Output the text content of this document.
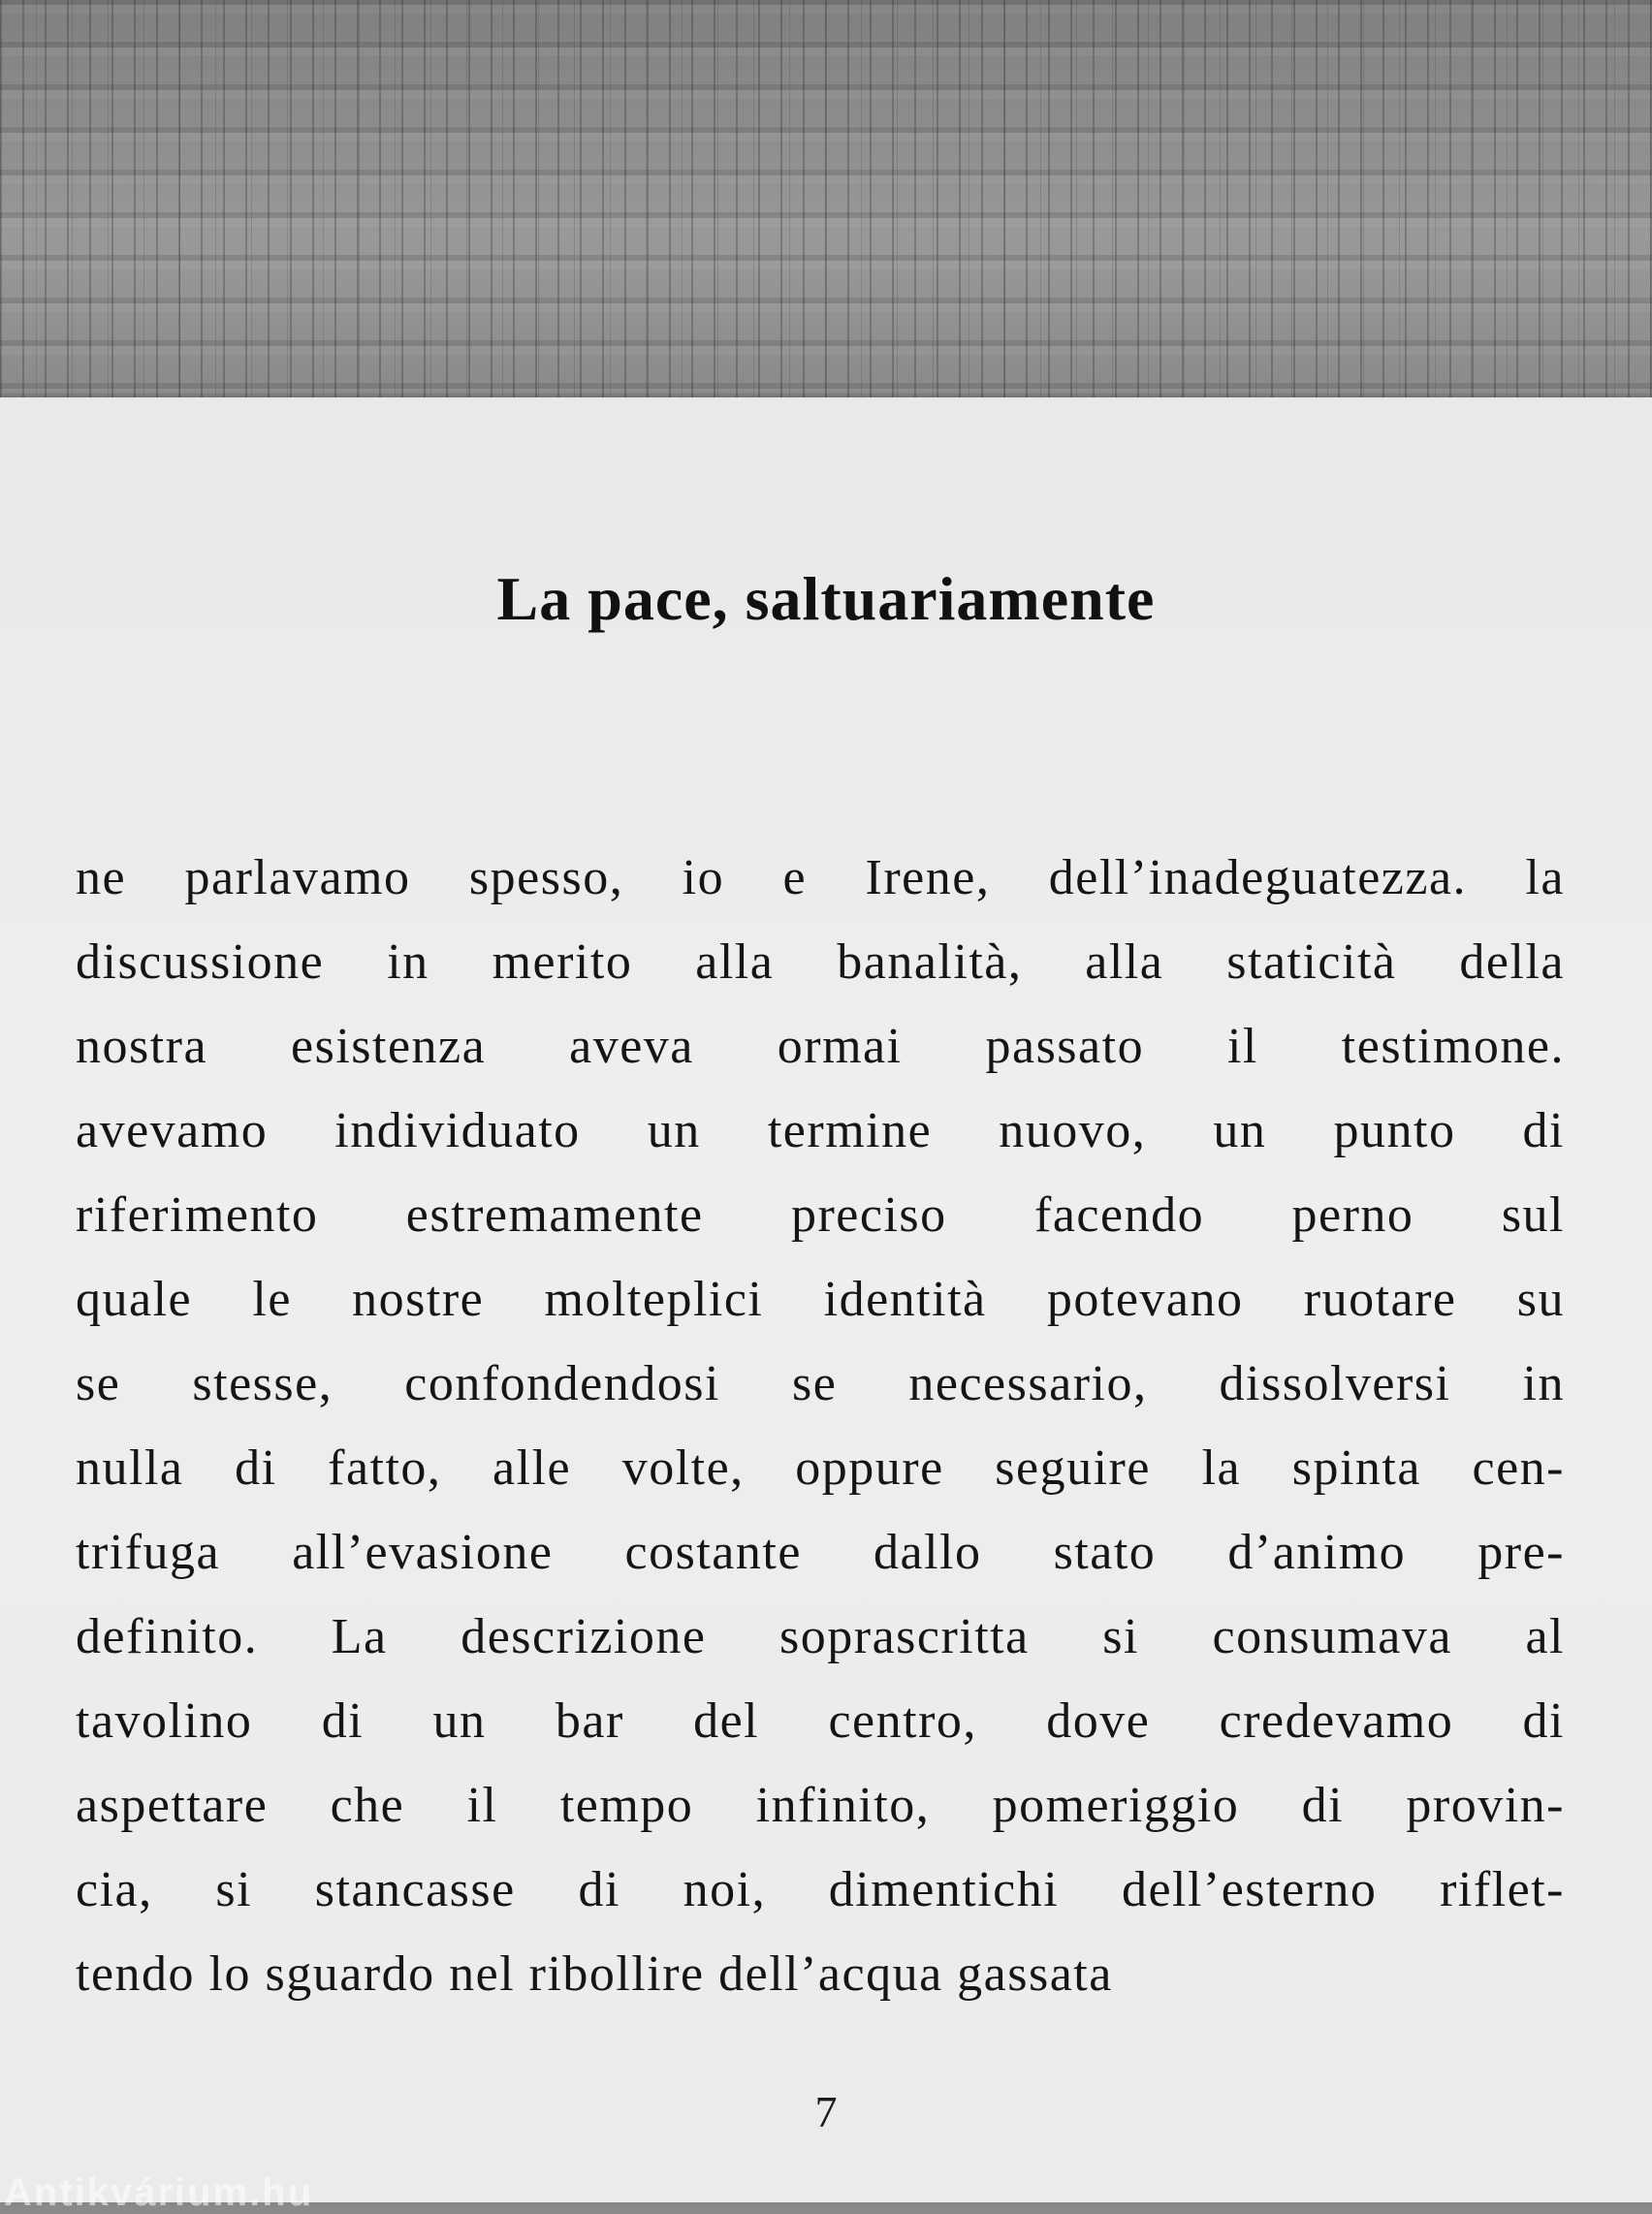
La pace, saltuariamente
ne parlavamo spesso, io e Irene, dell’inadeguatezza. la
discussione in merito alla banalità, alla staticità della
nostra esistenza aveva ormai passato il testimone.
avevamo individuato un termine nuovo, un punto di
riferimento estremamente preciso facendo perno sul
quale le nostre molteplici identità potevano ruotare su
se stesse, confondendosi se necessario, dissolversi in
nulla di fatto, alle volte, oppure seguire la spinta cen-
trifuga all’evasione costante dallo stato d’animo pre-
definito. La descrizione soprascritta si consumava al
tavolino di un bar del centro, dove credevamo di
aspettare che il tempo infinito, pomeriggio di provin-
cia, si stancasse di noi, dimentichi dell’esterno riflet-
tendo lo sguardo nel ribollire dell’acqua gassata
7
Antikvárium.hu
